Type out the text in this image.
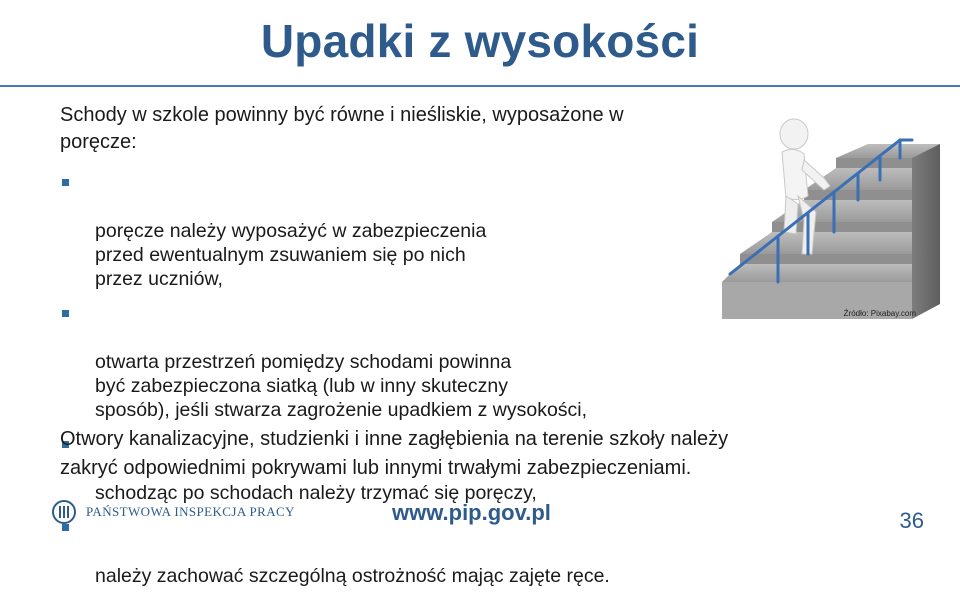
Upadki z wysokości
Schody w szkole powinny być równe i nieśliskie, wyposażone w poręcze:

poręcze należy wyposażyć w zabezpieczenia
przed ewentualnym zsuwaniem się po nich
przez uczniów,

otwarta przestrzeń pomiędzy schodami powinna
być zabezpieczona siatką (lub w inny skuteczny
sposób), jeśli stwarza zagrożenie upadkiem z wysokości,

schodząc po schodach należy trzymać się poręczy,

należy zachować szczególną ostrożność mając zajęte ręce.

Otwory kanalizacyjne, studzienki i inne zagłębienia na terenie szkoły należy
zakryć odpowiednimi pokrywami lub innymi trwałymi zabezpieczeniami.
Źródło: Pixabay.com
PAŃSTWOWA INSPEKCJA PRACY	www.pip.gov.pl	36
